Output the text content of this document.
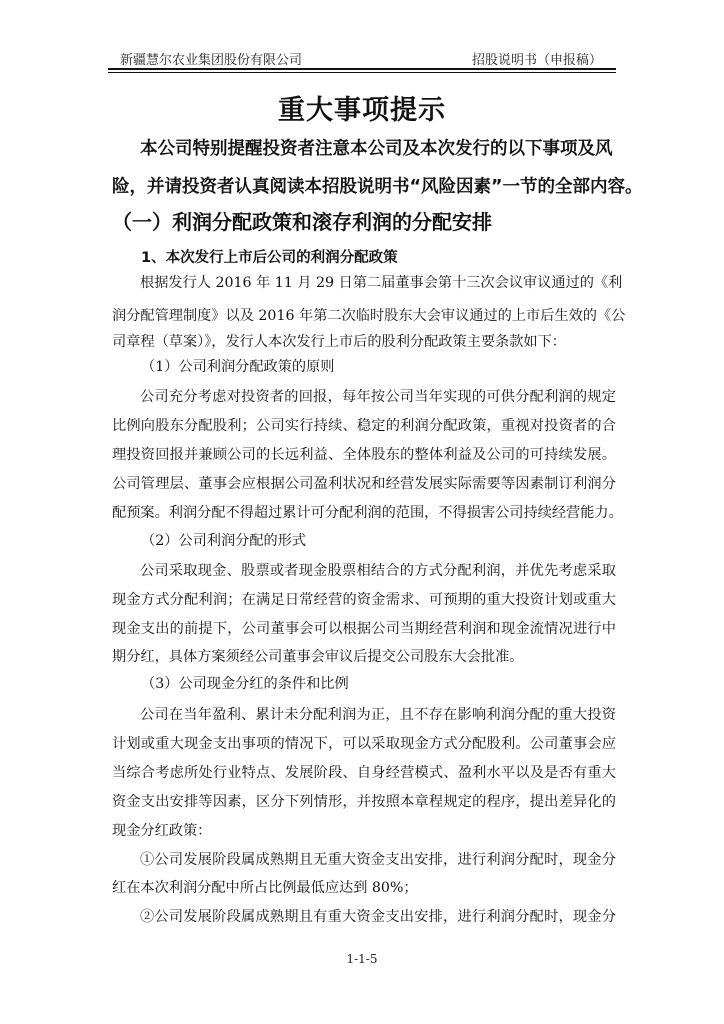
新疆慧尔农业集团股份有限公司	招股说明书（申报稿）
重大事项提示
本公司特别提醒投资者注意本公司及本次发行的以下事项及风
险，并请投资者认真阅读本招股说明书“风险因素”一节的全部内容。
（一）利润分配政策和滚存利润的分配安排
1、本次发行上市后公司的利润分配政策
根据发行人 2016 年 11 月 29 日第二届董事会第十三次会议审议通过的《利
润分配管理制度》以及 2016 年第二次临时股东大会审议通过的上市后生效的《公
司章程（草案）》，发行人本次发行上市后的股利分配政策主要条款如下：
（1）公司利润分配政策的原则
公司充分考虑对投资者的回报，每年按公司当年实现的可供分配利润的规定
比例向股东分配股利；公司实行持续、稳定的利润分配政策，重视对投资者的合
理投资回报并兼顾公司的长远利益、全体股东的整体利益及公司的可持续发展。
公司管理层、董事会应根据公司盈利状况和经营发展实际需要等因素制订利润分
配预案。利润分配不得超过累计可分配利润的范围，不得损害公司持续经营能力。
（2）公司利润分配的形式
公司采取现金、股票或者现金股票相结合的方式分配利润，并优先考虑采取
现金方式分配利润；在满足日常经营的资金需求、可预期的重大投资计划或重大
现金支出的前提下，公司董事会可以根据公司当期经营利润和现金流情况进行中
期分红，具体方案须经公司董事会审议后提交公司股东大会批准。
（3）公司现金分红的条件和比例
公司在当年盈利、累计未分配利润为正，且不存在影响利润分配的重大投资
计划或重大现金支出事项的情况下，可以采取现金方式分配股利。公司董事会应
当综合考虑所处行业特点、发展阶段、自身经营模式、盈利水平以及是否有重大
资金支出安排等因素，区分下列情形，并按照本章程规定的程序，提出差异化的
现金分红政策：
①公司发展阶段属成熟期且无重大资金支出安排，进行利润分配时，现金分
红在本次利润分配中所占比例最低应达到 80%；
②公司发展阶段属成熟期且有重大资金支出安排，进行利润分配时，现金分
1-1-5
